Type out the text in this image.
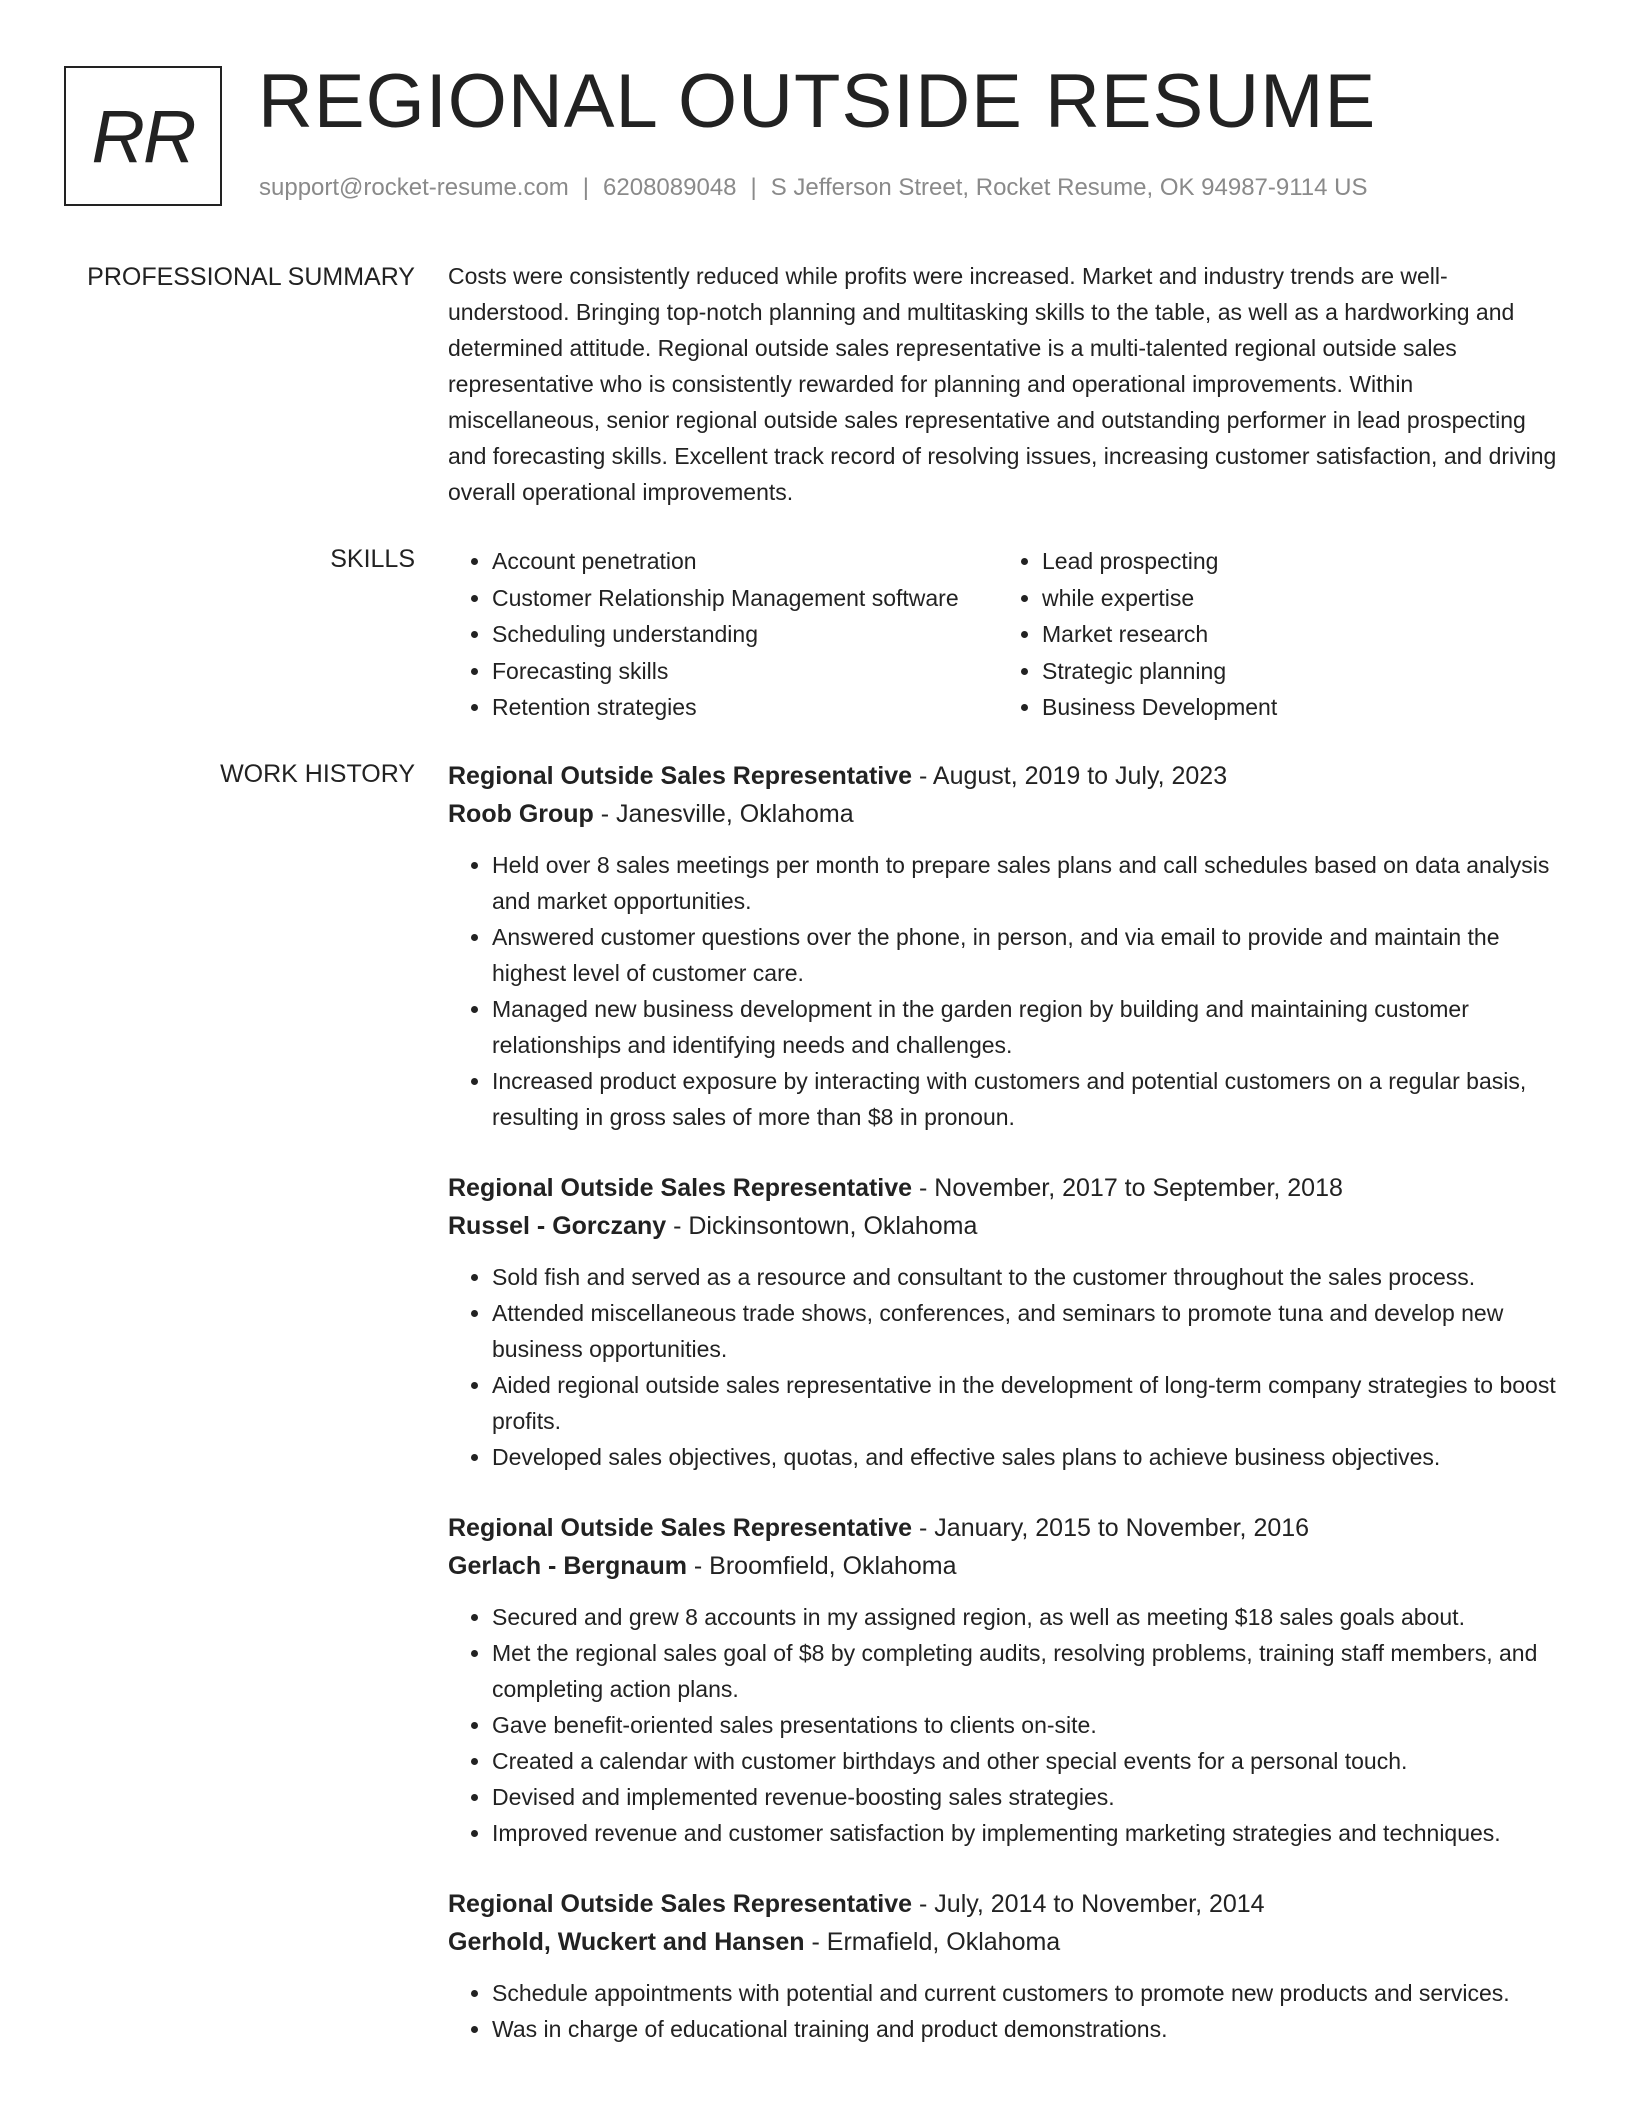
RR REGIONAL OUTSIDE RESUME
support@rocket-resume.com | 6208089048 | S Jefferson Street, Rocket Resume, OK 94987-9114 US
PROFESSIONAL SUMMARY Costs were consistently reduced while profits were increased. Market and industry trends are well-understood. Bringing top-notch planning and multitasking skills to the table, as well as a hardworking and determined attitude. Regional outside sales representative is a multi-talented regional outside sales representative who is consistently rewarded for planning and operational improvements. Within miscellaneous, senior regional outside sales representative and outstanding performer in lead prospecting and forecasting skills. Excellent track record of resolving issues, increasing customer satisfaction, and driving overall operational improvements.

SKILLS
•	Account penetration
• Customer Relationship Management software
• Scheduling understanding
• Forecasting skills
• Retention strategies
• Lead prospecting
• while expertise
• Market research
• Strategic planning
• Business Development
WORK HISTORY Regional Outside Sales Representative - August, 2019 to July, 2023
Roob Group - Janesville, Oklahoma
• Held over 8 sales meetings per month to prepare sales plans and call schedules based on data analysis and market opportunities.
• Answered customer questions over the phone, in person, and via email to provide and maintain the highest level of customer care.
• Managed new business development in the garden region by building and maintaining customer relationships and identifying needs and challenges.
• Increased product exposure by interacting with customers and potential customers on a regular basis, resulting in gross sales of more than $8 in pronoun.
Regional Outside Sales Representative - November, 2017 to September, 2018
Russel - Gorczany - Dickinsontown, Oklahoma
• Sold fish and served as a resource and consultant to the customer throughout the sales process.
• Attended miscellaneous trade shows, conferences, and seminars to promote tuna and develop new business opportunities.
• Aided regional outside sales representative in the development of long-term company strategies to boost profits.
• Developed sales objectives, quotas, and effective sales plans to achieve business objectives.
Regional Outside Sales Representative - January, 2015 to November, 2016
Gerlach - Bergnaum - Broomfield, Oklahoma
• Secured and grew 8 accounts in my assigned region, as well as meeting $18 sales goals about.
• Met the regional sales goal of $8 by completing audits, resolving problems, training staff members, and completing action plans.
• Gave benefit-oriented sales presentations to clients on-site.
• Created a calendar with customer birthdays and other special events for a personal touch.
• Devised and implemented revenue-boosting sales strategies.
• Improved revenue and customer satisfaction by implementing marketing strategies and techniques.
Regional Outside Sales Representative - July, 2014 to November, 2014
Gerhold, Wuckert and Hansen - Ermafield, Oklahoma
• Schedule appointments with potential and current customers to promote new products and services.
• Was in charge of educational training and product demonstrations.
